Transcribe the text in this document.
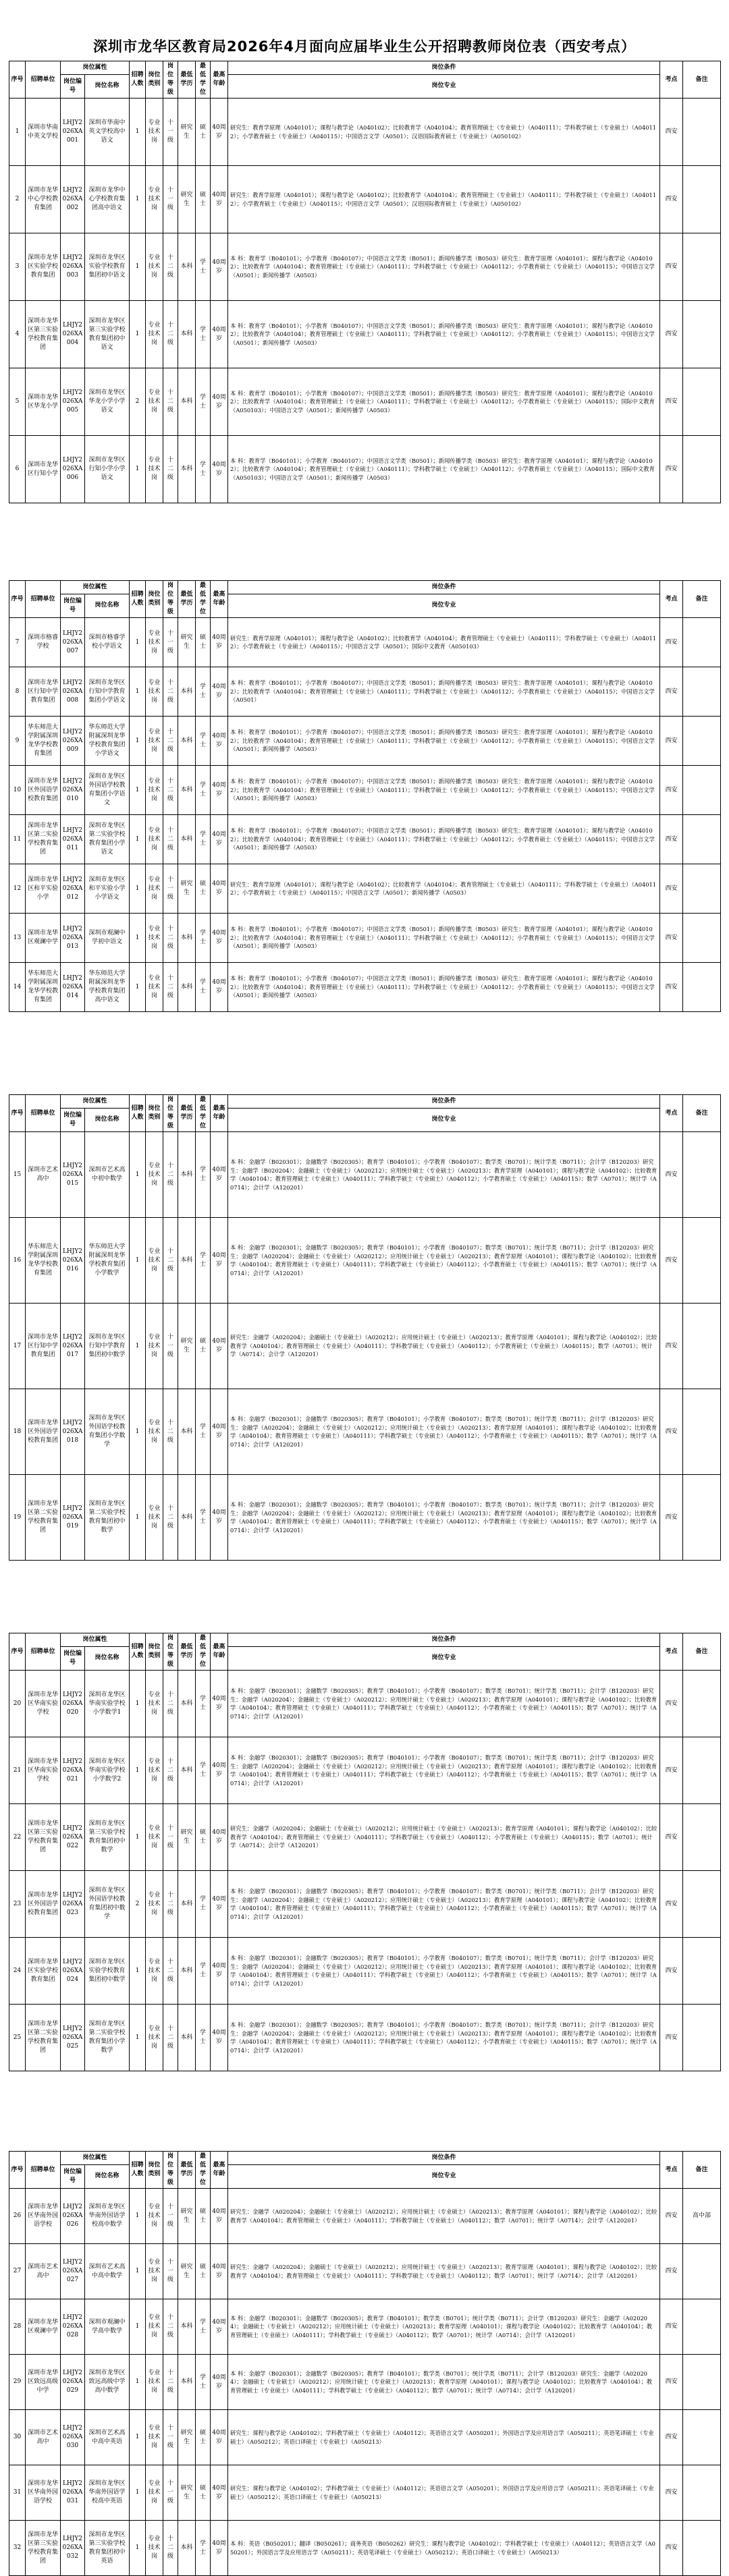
深圳市龙华区教育局2026年4月面向应届毕业生公开招聘教师岗位表（西安考点）
序号	招聘单位	岗位属性		招聘人数	岗位类别	岗位等级	最低学历	最低学位	最高年龄	岗位条件	考点	备注
		岗位编号	岗位名称							岗位专业		
1	深圳市华南中英文学校	LHJY2026XA001	深圳市华南中英文学校高中语文	1	专业技术岗	十一级	研究生	硕士	40周岁	研究生：教育学原理（A040101）；课程与教学论（A040102）；比较教育学（A040104）；教育管理硕士（专业硕士）（A040111）；学科教学硕士（专业硕士）（A040112）；小学教育硕士（专业硕士）（A040115）；中国语言文学（A0501）；汉语国际教育硕士（专业硕士）（A050102）	西安	
2	深圳市龙华中心学校教育集团	LHJY2026XA002	深圳市龙华中心学校教育集团高中语文	1	专业技术岗	十一级	研究生	硕士	40周岁	研究生：教育学原理（A040101）；课程与教学论（A040102）；比较教育学（A040104）；教育管理硕士（专业硕士）（A040111）；学科教学硕士（专业硕士）（A040112）；小学教育硕士（专业硕士）（A040115）；中国语言文学（A0501）；汉语国际教育硕士（专业硕士）（A050102）	西安	
3	深圳市龙华区实验学校教育集团	LHJY2026XA003	深圳市龙华区实验学校教育集团初中语文	1	专业技术岗	十二级	本科	学士	40周岁	本 科：教育学（B040101）；小学教育（B040107）；中国语言文学类（B0501）；新闻传播学类（B0503）研究生：教育学原理（A040101）；课程与教学论（A040102）；比较教育学（A040104）；教育管理硕士（专业硕士）（A040111）；学科教学硕士（专业硕士）（A040112）；小学教育硕士（专业硕士）（A040115）；中国语言文学（A0501）；新闻传播学（A0503）	西安	
4	深圳市龙华区第三实验学校教育集团	LHJY2026XA004	深圳市龙华区第三实验学校教育集团初中语文	1	专业技术岗	十二级	本科	学士	40周岁	本 科：教育学（B040101）；小学教育（B040107）；中国语言文学类（B0501）；新闻传播学类（B0503）研究生：教育学原理（A040101）；课程与教学论（A040102）；比较教育学（A040104）；教育管理硕士（专业硕士）（A040111）；学科教学硕士（专业硕士）（A040112）；小学教育硕士（专业硕士）（A040115）；中国语言文学（A0501）；新闻传播学（A0503）	西安	
5	深圳市龙华区华龙小学	LHJY2026XA005	深圳市龙华区华龙小学小学语文	2	专业技术岗	十二级	本科	学士	40周岁	本 科：教育学（B040101）；小学教育（B040107）；中国语言文学类（B0501）；新闻传播学类（B0503）研究生：教育学原理（A040101）；课程与教学论（A040102）；比较教育学（A040104）；教育管理硕士（专业硕士）（A040111）；学科教学硕士（专业硕士）（A040112）；小学教育硕士（专业硕士）（A040115）；国际中文教育（A050103）；中国语言文学（A0501）；新闻传播学（A0503）	西安	
6	深圳市龙华区行知小学	LHJY2026XA006	深圳市龙华区行知小学小学语文	1	专业技术岗	十二级	本科	学士	40周岁	本 科：教育学（B040101）；小学教育（B040107）；中国语言文学类（B0501）；新闻传播学类（B0503）研究生：教育学原理（A040101）；课程与教学论（A040102）；比较教育学（A040104）；教育管理硕士（专业硕士）（A040111）；学科教学硕士（专业硕士）（A040112）；小学教育硕士（专业硕士）（A040115）；国际中文教育（A050103）；中国语言文学（A0501）；新闻传播学（A0503）	西安	
序号	招聘单位	岗位属性		招聘人数	岗位类别	岗位等级	最低学历	最低学位	最高年龄	岗位条件	考点	备注
		岗位编号	岗位名称							岗位专业		
7	深圳市格睿学校	LHJY2026XA007	深圳市格睿学校小学语文	1	专业技术岗	十一级	研究生	硕士	40周岁	研究生：教育学原理（A040101）；课程与教学论（A040102）；比较教育学（A040104）；教育管理硕士（专业硕士）（A040111）；学科教学硕士（专业硕士）（A040112）；小学教育硕士（专业硕士）（A040115）；中国语言文学（A0501）；国际中文教育（A050103）	西安	
8	深圳市龙华区行知中学教育集团	LHJY2026XA008	深圳市龙华区行知中学教育集团小学语文	1	专业技术岗	十二级	本科	学士	40周岁	本 科：教育学（B040101）；小学教育（B040107）；中国语言文学类（B0501）；新闻传播学类（B0503）研究生：教育学原理（A040101）；课程与教学论（A040102）；比较教育学（A040104）；教育管理硕士（专业硕士）（A040111）；学科教学硕士（专业硕士）（A040112）；小学教育硕士（专业硕士）（A040115）；中国语言文学（A0501）	西安	
9	华东师范大学附属深圳龙华学校教育集团	LHJY2026XA009	华东师范大学附属深圳龙华学校教育集团小学语文	1	专业技术岗	十二级	本科	学士	40周岁	本 科：教育学（B040101）；小学教育（B040107）；中国语言文学类（B0501）；新闻传播学类（B0503）研究生：教育学原理（A040101）；课程与教学论（A040102）；比较教育学（A040104）；教育管理硕士（专业硕士）（A040111）；学科教学硕士（专业硕士）（A040112）；小学教育硕士（专业硕士）（A040115）；中国语言文学（A0501）；新闻传播学（A0503）	西安	
10	深圳市龙华区外国语学校教育集团	LHJY2026XA010	深圳市龙华区外国语学校教育集团小学语文	1	专业技术岗	十二级	本科	学士	40周岁	本 科：教育学（B040101）；小学教育（B040107）；中国语言文学类（B0501）；新闻传播学类（B0503）研究生：教育学原理（A040101）；课程与教学论（A040102）；比较教育学（A040104）；教育管理硕士（专业硕士）（A040111）；学科教学硕士（专业硕士）（A040112）；小学教育硕士（专业硕士）（A040115）；中国语言文学（A0501）；新闻传播学（A0503）	西安	
11	深圳市龙华区第二实验学校教育集团	LHJY2026XA011	深圳市龙华区第二实验学校教育集团小学语文	1	专业技术岗	十二级	本科	学士	40周岁	本 科：教育学（B040101）；小学教育（B040107）；中国语言文学类（B0501）；新闻传播学类（B0503）研究生：教育学原理（A040101）；课程与教学论（A040102）；比较教育学（A040104）；教育管理硕士（专业硕士）（A040111）；学科教学硕士（专业硕士）（A040112）；小学教育硕士（专业硕士）（A040115）；中国语言文学（A0501）；新闻传播学（A0503）	西安	
12	深圳市龙华区和平实验小学	LHJY2026XA012	深圳市龙华区和平实验小学小学语文	1	专业技术岗	十一级	研究生	硕士	40周岁	研究生：教育学原理（A040101）；课程与教学论（A040102）；比较教育学（A040104）；教育管理硕士（专业硕士）（A040111）；学科教学硕士（专业硕士）（A040112）；小学教育硕士（专业硕士）（A040115）；中国语言文学（A0501）；新闻传播学（A0503）	西安	
13	深圳市龙华区观澜中学	LHJY2026XA013	深圳市观澜中学初中语文	1	专业技术岗	十二级	本科	学士	40周岁	本 科：教育学（B040101）；小学教育（B040107）；中国语言文学类（B0501）；新闻传播学类（B0503）研究生：教育学原理（A040101）；课程与教学论（A040102）；比较教育学（A040104）；教育管理硕士（专业硕士）（A040111）；学科教学硕士（专业硕士）（A040112）；小学教育硕士（专业硕士）（A040115）；中国语言文学（A0501）；新闻传播学（A0503）	西安	
14	华东师范大学附属深圳龙华学校教育集团	LHJY2026XA014	华东师范大学附属深圳龙华学校教育集团高中语文	1	专业技术岗	十二级	本科	学士	40周岁	本 科：教育学（B040101）；小学教育（B040107）；中国语言文学类（B0501）；新闻传播学类（B0503）研究生：教育学原理（A040101）；课程与教学论（A040102）；比较教育学（A040104）；教育管理硕士（专业硕士）（A040111）；学科教学硕士（专业硕士）（A040112）；小学教育硕士（专业硕士）（A040115）；中国语言文学（A0501）；新闻传播学（A0503）	西安	
序号	招聘单位	岗位属性		招聘人数	岗位类别	岗位等级	最低学历	最低学位	最高年龄	岗位条件	考点	备注
		岗位编号	岗位名称							岗位专业		
15	深圳市艺术高中	LHJY2026XA015	深圳市艺术高中初中数学	1	专业技术岗	十二级	本科	学士	40周岁	本 科：金融学（B020301）；金融数学（B020305）；教育学（B040101）；小学教育（B040107）；数学类（B0701）；统计学类（B0711）；会计学（B120203）研究生：金融学（B020204）；金融硕士（专业硕士）（A020212）；应用统计硕士（专业硕士）（A020213）；教育学原理（A040101）；课程与教学论（A040102）；比较教育学（A040104）；教育管理硕士（专业硕士）（A040111）；学科教学硕士（专业硕士）（A040112）；小学教育硕士（专业硕士）（A040115）；数学（A0701）；统计学（A0714）；会计学（A120201）	西安	
16	华东师范大学附属深圳龙华学校教育集团	LHJY2026XA016	华东师范大学附属深圳龙华学校教育集团小学数学	1	专业技术岗	十二级	本科	学士	40周岁	本 科：金融学（B020301）；金融数学（B020305）；教育学（B040101）；小学教育（B040107）；数学类（B0701）；统计学类（B0711）；会计学（B120203）研究生：金融学（A020204）；金融硕士（专业硕士）（A020212）；应用统计硕士（专业硕士）（A020213）；教育学原理（A040101）；课程与教学论（A040102）；比较教育学（A040104）；教育管理硕士（专业硕士）（A040111）；学科教学硕士（专业硕士）（A040112）；小学教育硕士（专业硕士）（A040115）；数学（A0701）；统计学（A0714）；会计学（A120201）	西安	
17	深圳市龙华区行知中学教育集团	LHJY2026XA017	深圳市龙华区行知中学教育集团初中数学	1	专业技术岗	十一级	研究生	硕士	40周岁	研究生：金融学（A020204）；金融硕士（专业硕士）（A020212）；应用统计硕士（专业硕士）（A020213）；教育学原理（A040101）；课程与教学论（A040102）；比较教育学（A040104）；教育管理硕士（专业硕士）（A040111）；学科教学硕士（专业硕士）（A040112）；小学教育硕士（专业硕士）（A040115）；数学（A0701）；统计学（A0714）；会计学（A120201）	西安	
18	深圳市龙华区外国语学校教育集团	LHJY2026XA018	深圳市龙华区外国语学校教育集团小学数学	1	专业技术岗	十二级	本科	学士	40周岁	本 科：金融学（B020301）；金融数学（B020305）；教育学（B040101）；小学教育（B040107）；数学类（B0701）；统计学类（B0711）；会计学（B120203）研究生：金融学（A020204）；金融硕士（专业硕士）（A020212）；应用统计硕士（专业硕士）（A020213）；教育学原理（A040101）；课程与教学论（A040102）；比较教育学（A040104）；教育管理硕士（专业硕士）（A040111）；学科教学硕士（专业硕士）（A040112）；小学教育硕士（专业硕士）（A040115）；数学（A0701）；统计学（A0714）；会计学（A120201）	西安	
19	深圳市龙华区第二实验学校教育集团	LHJY2026XA019	深圳市龙华区第二实验学校教育集团初中数学	1	专业技术岗	十二级	本科	学士	40周岁	本 科：金融学（B020301）；金融数学（B020305）；教育学（B040101）；小学教育（B040107）；数学类（B0701）；统计学类（B0711）；会计学（B120203）研究生：金融学（A020204）；金融硕士（专业硕士）（A020212）；应用统计硕士（专业硕士）（A020213）；教育学原理（A040101）；课程与教学论（A040102）；比较教育学（A040104）；教育管理硕士（专业硕士）（A040111）；学科教学硕士（专业硕士）（A040112）；小学教育硕士（专业硕士）（A040115）；数学（A0701）；统计学（A0714）；会计学（A120201）	西安	
序号	招聘单位	岗位属性		招聘人数	岗位类别	岗位等级	最低学历	最低学位	最高年龄	岗位条件	考点	备注
		岗位编号	岗位名称							岗位专业		
20	深圳市龙华区华南实验学校	LHJY2026XA020	深圳市龙华区华南实验学校小学数学1	1	专业技术岗	十二级	本科	学士	40周岁	本 科：金融学（B020301）；金融数学（B020305）；教育学（B040101）；小学教育（B040107）；数学类（B0701）；统计学类（B0711）；会计学（B120203）研究生：金融学（A020204）；金融硕士（专业硕士）（A020212）；应用统计硕士（专业硕士）（A020213）；教育学原理（A040101）；课程与教学论（A040102）；比较教育学（A040104）；教育管理硕士（专业硕士）（A040111）；学科教学硕士（专业硕士）（A040112）；小学教育硕士（专业硕士）（A040115）；数学（A0701）；统计学（A0714）；会计学（A120201）	西安	
21	深圳市龙华区华南实验学校	LHJY2026XA021	深圳市龙华区华南实验学校小学数学2	1	专业技术岗	十二级	本科	学士	40周岁	本 科：金融学（B020301）；金融数学（B020305）；教育学（B040101）；小学教育（B040107）；数学类（B0701）；统计学类（B0711）；会计学（B120203）研究生：金融学（A020204）；金融硕士（专业硕士）（A020212）；应用统计硕士（专业硕士）（A020213）；教育学原理（A040101）；课程与教学论（A040102）；比较教育学（A040104）；教育管理硕士（专业硕士）（A040111）；学科教学硕士（专业硕士）（A040112）；小学教育硕士（专业硕士）（A040115）；数学（A0701）；统计学（A0714）；会计学（A120201）	西安	
22	深圳市龙华区第三实验学校教育集团	LHJY2026XA022	深圳市龙华区第三实验学校教育集团初中数学	1	专业技术岗	十一级	研究生	硕士	40周岁	研究生：金融学（A020204）；金融硕士（专业硕士）（A020212）；应用统计硕士（专业硕士）（A020213）；教育学原理（A040101）；课程与教学论（A040102）；比较教育学（A040104）；教育管理硕士（专业硕士）（A040111）；学科教学硕士（专业硕士）（A040112）；小学教育硕士（专业硕士）（A040115）；数学（A0701）；统计学（A0714）；会计学（A120201）	西安	
23	深圳市龙华区外国语学校教育集团	LHJY2026XA023	深圳市龙华区外国语学校教育集团初中数学	2	专业技术岗	十二级	本科	学士	40周岁	本 科：金融学（B020301）；金融数学（B020305）；教育学（B040101）；小学教育（B040107）；数学类（B0701）；统计学类（B0711）；会计学（B120203）研究生：金融学（A020204）；金融硕士（专业硕士）（A020212）；应用统计硕士（专业硕士）（A020213）；教育学原理（A040101）；课程与教学论（A040102）；比较教育学（A040104）；教育管理硕士（专业硕士）（A040111）；学科教学硕士（专业硕士）（A040112）；小学教育硕士（专业硕士）（A040115）；数学（A0701）；统计学（A0714）；会计学（A120201）	西安	
24	深圳市龙华区实验学校教育集团	LHJY2026XA024	深圳市龙华区实验学校教育集团初中数学	1	专业技术岗	十二级	本科	学士	40周岁	本 科：金融学（B020301）；金融数学（B020305）；教育学（B040101）；小学教育（B040107）；数学类（B0701）；统计学类（B0711）；会计学（B120203）研究生：金融学（A020204）；金融硕士（专业硕士）（A020212）；应用统计硕士（专业硕士）（A020213）；教育学原理（A040101）；课程与教学论（A040102）；比较教育学（A040104）；教育管理硕士（专业硕士）（A040111）；学科教学硕士（专业硕士）（A040112）；小学教育硕士（专业硕士）（A040115）；数学（A0701）；统计学（A0714）；会计学（A120201）	西安	
25	深圳市龙华区第二实验学校教育集团	LHJY2026XA025	深圳市龙华区第二实验学校教育集团小学数学	1	专业技术岗	十二级	本科	学士	40周岁	本 科：金融学（B020301）；金融数学（B020305）；教育学（B040101）；小学教育（B040107）；数学类（B0701）；统计学类（B0711）；会计学（B120203）研究生：金融学（A020204）；金融硕士（专业硕士）（A020212）；应用统计硕士（专业硕士）（A020213）；教育学原理（A040101）；课程与教学论（A040102）；比较教育学（A040104）；教育管理硕士（专业硕士）（A040111）；学科教学硕士（专业硕士）（A040112）；小学教育硕士（专业硕士）（A040115）；数学（A0701）；统计学（A0714）；会计学（A120201）	西安	
序号	招聘单位	岗位属性		招聘人数	岗位类别	岗位等级	最低学历	最低学位	最高年龄	岗位条件	考点	备注
		岗位编号	岗位名称							岗位专业		
26	深圳市龙华区华南外国语学校	LHJY2026XA026	深圳市龙华区华南外国语学校高中数学	1	专业技术岗	十一级	研究生	硕士	40周岁	研究生：金融学（A020204）；金融硕士（专业硕士）（A020212）；应用统计硕士（专业硕士）（A020213）；教育学原理（A040101）；课程与教学论（A040102）；比较教育学（A040104）；教育管理硕士（专业硕士）（A040111）；学科教学硕士（专业硕士）（A040112）；数学（A0701）；统计学（A0714）；会计学（A120201）	西安	高中部
27	深圳市艺术高中	LHJY2026XA027	深圳市艺术高中高中数学	1	专业技术岗	十一级	研究生	硕士	40周岁	研究生：金融学（A020204）；金融硕士（专业硕士）（A020212）；应用统计硕士（专业硕士）（A020213）；教育学原理（A040101）；课程与教学论（A040102）；比较教育学（A040104）；教育管理硕士（专业硕士）（A040111）；学科教学硕士（专业硕士）（A040112）；数学（A0701）；统计学（A0714）；会计学（A120201）	西安	
28	深圳市龙华区观澜中学	LHJY2026XA028	深圳市观澜中学高中数学	1	专业技术岗	十二级	本科	学士	40周岁	本 科：金融学（B020301）；金融数学（B020305）；教育学（B040101）；数学类（B0701）；统计学类（B0711）；会计学（B120203）研究生：金融学（A020204）；金融硕士（专业硕士）（A020212）；应用统计硕士（专业硕士）（A020213）；教育学原理（A040101）；课程与教学论（A040102）；比较教育学（A040104）；教育管理硕士（专业硕士）（A040111）；学科教学硕士（专业硕士）（A040112）；数学（A0701）；统计学（A0714）；会计学（A120201）	西安	
29	深圳市龙华区致远高级中学	LHJY2026XA029	深圳市龙华区致远高级中学高中数学	1	专业技术岗	十二级	本科	学士	40周岁	本 科：金融学（B020301）；金融数学（B020305）；教育学（B040101）；数学类（B0701）；统计学类（B0711）；会计学（B120203）研究生：金融学（A020204）；金融硕士（专业硕士）（A020212）；应用统计硕士（专业硕士）（A020213）；教育学原理（A040101）；课程与教学论（A040102）；比较教育学（A040104）；教育管理硕士（专业硕士）（A040111）；学科教学硕士（专业硕士）（A040112）；数学（A0701）；统计学（A0714）；会计学（A120201）	西安	
30	深圳市艺术高中	LHJY2026XA030	深圳市艺术高中高中英语	1	专业技术岗	十一级	研究生	硕士	40周岁	研究生：课程与教学论（A040102）；学科教学硕士（专业硕士）（A040112）；英语语言文学（A050201）；外国语言学及应用语言学（A050211）；英语笔译硕士（专业硕士）（A050212）；英语口译硕士（专业硕士）（A050213）	西安	
31	深圳市龙华区华南外国语学校	LHJY2026XA031	深圳市龙华区华南外国语学校高中英语	1	专业技术岗	十一级	研究生	硕士	40周岁	研究生：课程与教学论（A040102）；学科教学硕士（专业硕士）（A040112）；英语语言文学（A050201）；外国语言学及应用语言学（A050211）；英语笔译硕士（专业硕士）（A050212）；英语口译硕士（专业硕士）（A050213）	西安	
32	深圳市龙华区第三实验学校教育集团	LHJY2026XA032	深圳市龙华区第三实验学校教育集团初中英语	1	专业技术岗	十二级	本科	学士	40周岁	本 科：英语（B050201）；翻译（B050261）；商务英语（B050262）研究生：课程与教学论（A040102）；学科教学硕士（专业硕士）（A040112）；英语语言文学（A050201）；外国语言学及应用语言学（A050211）；英语笔译硕士（专业硕士）（A050212）；英语口译硕士（专业硕士）（A050213）	西安	
